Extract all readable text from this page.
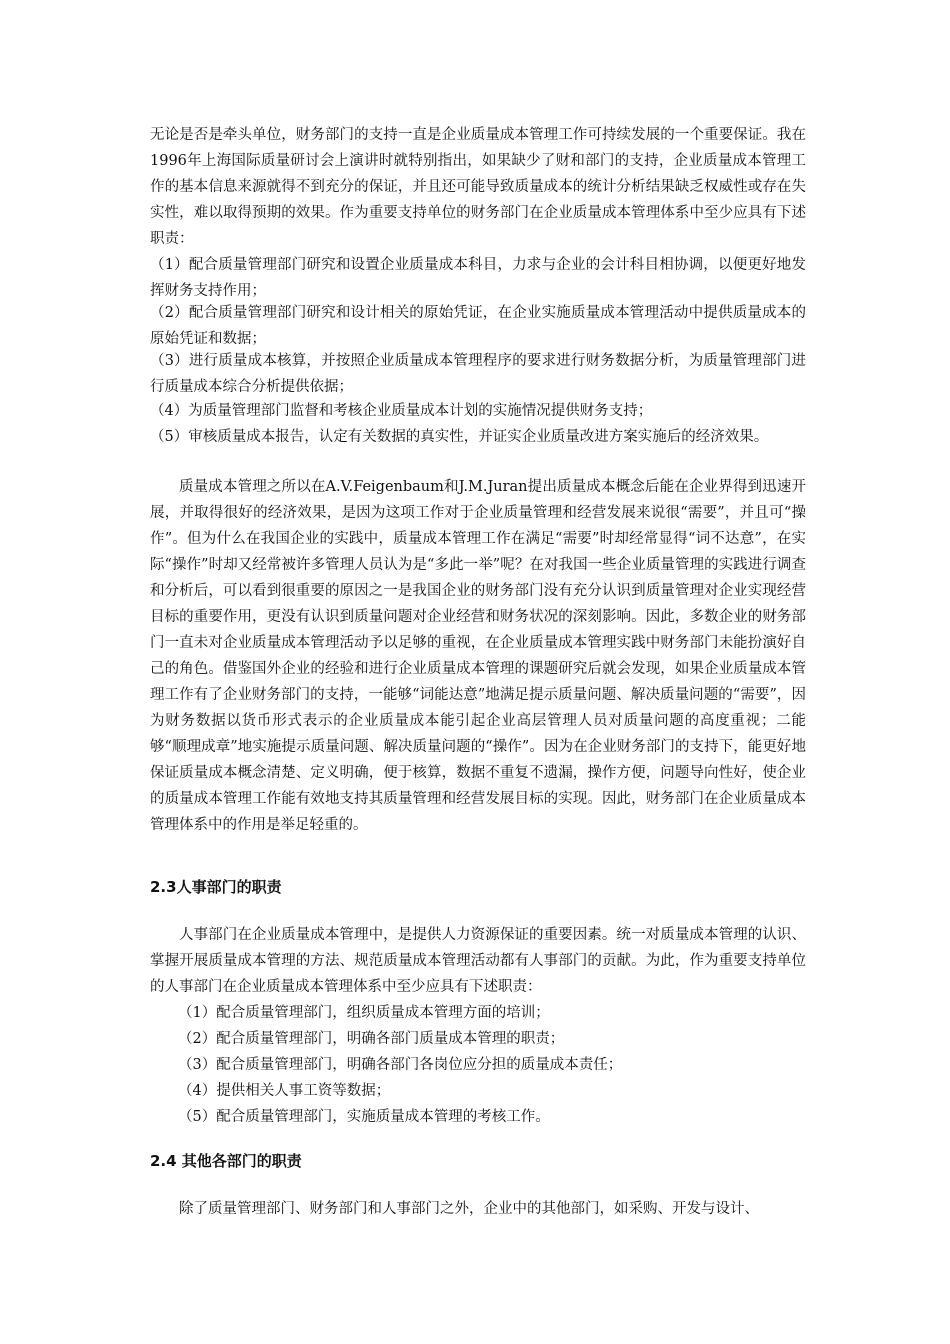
无论是否是牵头单位，财务部门的支持一直是企业质量成本管理工作可持续发展的一个重要保证。我在1996年上海国际质量研讨会上演讲时就特别指出，如果缺少了财和部门的支持，企业质量成本管理工作的基本信息来源就得不到充分的保证，并且还可能导致质量成本的统计分析结果缺乏权威性或存在失实性，难以取得预期的效果。作为重要支持单位的财务部门在企业质量成本管理体系中至少应具有下述职责：

（1）配合质量管理部门研究和设置企业质量成本科目，力求与企业的会计科目相协调，以便更好地发挥财务支持作用；

（2）配合质量管理部门研究和设计相关的原始凭证，在企业实施质量成本管理活动中提供质量成本的原始凭证和数据；

（3）进行质量成本核算，并按照企业质量成本管理程序的要求进行财务数据分析，为质量管理部门进行质量成本综合分析提供依据；

（4）为质量管理部门监督和考核企业质量成本计划的实施情况提供财务支持；

（5）审核质量成本报告，认定有关数据的真实性，并证实企业质量改进方案实施后的经济效果。

质量成本管理之所以在A.V.Feigenbaum和J.M.Juran提出质量成本概念后能在企业界得到迅速开展，并取得很好的经济效果，是因为这项工作对于企业质量管理和经营发展来说很“需要”，并且可“操作”。但为什么在我国企业的实践中，质量成本管理工作在满足“需要”时却经常显得“词不达意”，在实际“操作”时却又经常被许多管理人员认为是“多此一举”呢？在对我国一些企业质量管理的实践进行调查和分析后，可以看到很重要的原因之一是我国企业的财务部门没有充分认识到质量管理对企业实现经营目标的重要作用，更没有认识到质量问题对企业经营和财务状况的深刻影响。因此，多数企业的财务部门一直未对企业质量成本管理活动予以足够的重视，在企业质量成本管理实践中财务部门未能扮演好自己的角色。借鉴国外企业的经验和进行企业质量成本管理的课题研究后就会发现，如果企业质量成本管理工作有了企业财务部门的支持，一能够“词能达意”地满足提示质量问题、解决质量问题的“需要”，因为财务数据以货币形式表示的企业质量成本能引起企业高层管理人员对质量问题的高度重视；二能够“顺理成章”地实施提示质量问题、解决质量问题的“操作”。因为在企业财务部门的支持下，能更好地保证质量成本概念清楚、定义明确，便于核算，数据不重复不遗漏，操作方便，问题导向性好，使企业的质量成本管理工作能有效地支持其质量管理和经营发展目标的实现。因此，财务部门在企业质量成本管理体系中的作用是举足轻重的。

2.3人事部门的职责

人事部门在企业质量成本管理中，是提供人力资源保证的重要因素。统一对质量成本管理的认识、掌握开展质量成本管理的方法、规范质量成本管理活动都有人事部门的贡献。为此，作为重要支持单位的人事部门在企业质量成本管理体系中至少应具有下述职责：

（1）配合质量管理部门，组织质量成本管理方面的培训；

（2）配合质量管理部门，明确各部门质量成本管理的职责；

（3）配合质量管理部门，明确各部门各岗位应分担的质量成本责任；

（4）提供相关人事工资等数据；

（5）配合质量管理部门，实施质量成本管理的考核工作。

2.4 其他各部门的职责

除了质量管理部门、财务部门和人事部门之外，企业中的其他部门，如采购、开发与设计、
